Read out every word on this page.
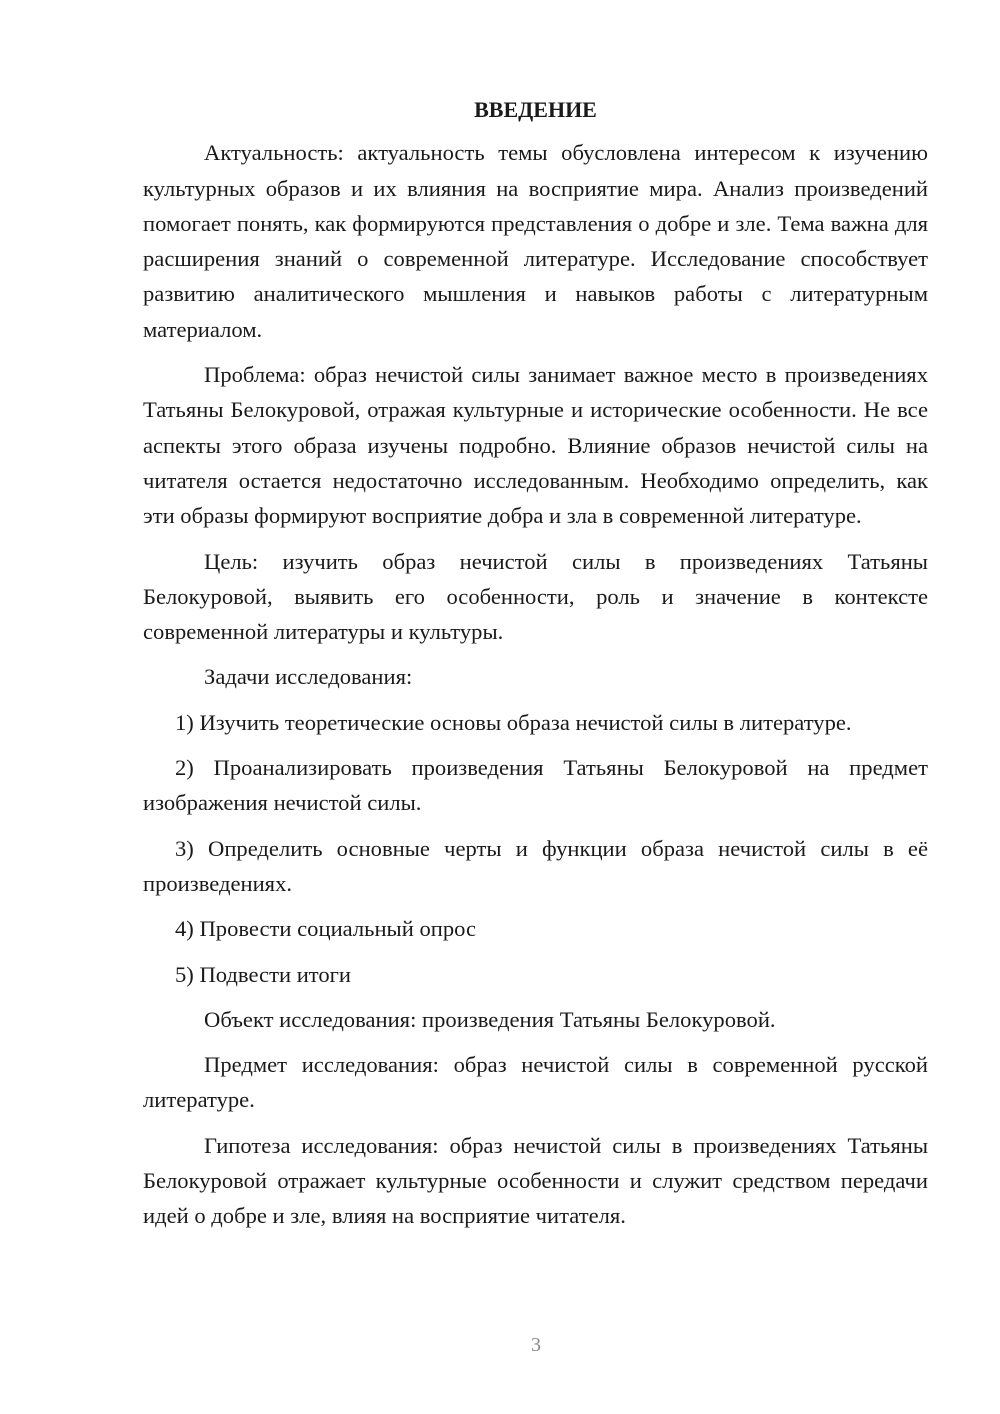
ВВЕДЕНИЕ

Актуальность: актуальность темы обусловлена интересом к изучению культурных образов и их влияния на восприятие мира. Анализ произведений помогает понять, как формируются представления о добре и зле. Тема важна для расширения знаний о современной литературе. Исследование способствует развитию аналитического мышления и навыков работы с литературным материалом.

Проблема: образ нечистой силы занимает важное место в произведениях Татьяны Белокуровой, отражая культурные и исторические особенности. Не все аспекты этого образа изучены подробно. Влияние образов нечистой силы на читателя остается недостаточно исследованным. Необходимо определить, как эти образы формируют восприятие добра и зла в современной литературе.

Цель: изучить образ нечистой силы в произведениях Татьяны Белокуровой, выявить его особенности, роль и значение в контексте современной литературы и культуры.

Задачи исследования:

1) Изучить теоретические основы образа нечистой силы в литературе.

2) Проанализировать произведения Татьяны Белокуровой на предмет изображения нечистой силы.

3) Определить основные черты и функции образа нечистой силы в её произведениях.

4) Провести социальный опрос

5) Подвести итоги

Объект исследования: произведения Татьяны Белокуровой.

Предмет исследования: образ нечистой силы в современной русской литературе.

Гипотеза исследования: образ нечистой силы в произведениях Татьяны Белокуровой отражает культурные особенности и служит средством передачи идей о добре и зле, влияя на восприятие читателя.

3
